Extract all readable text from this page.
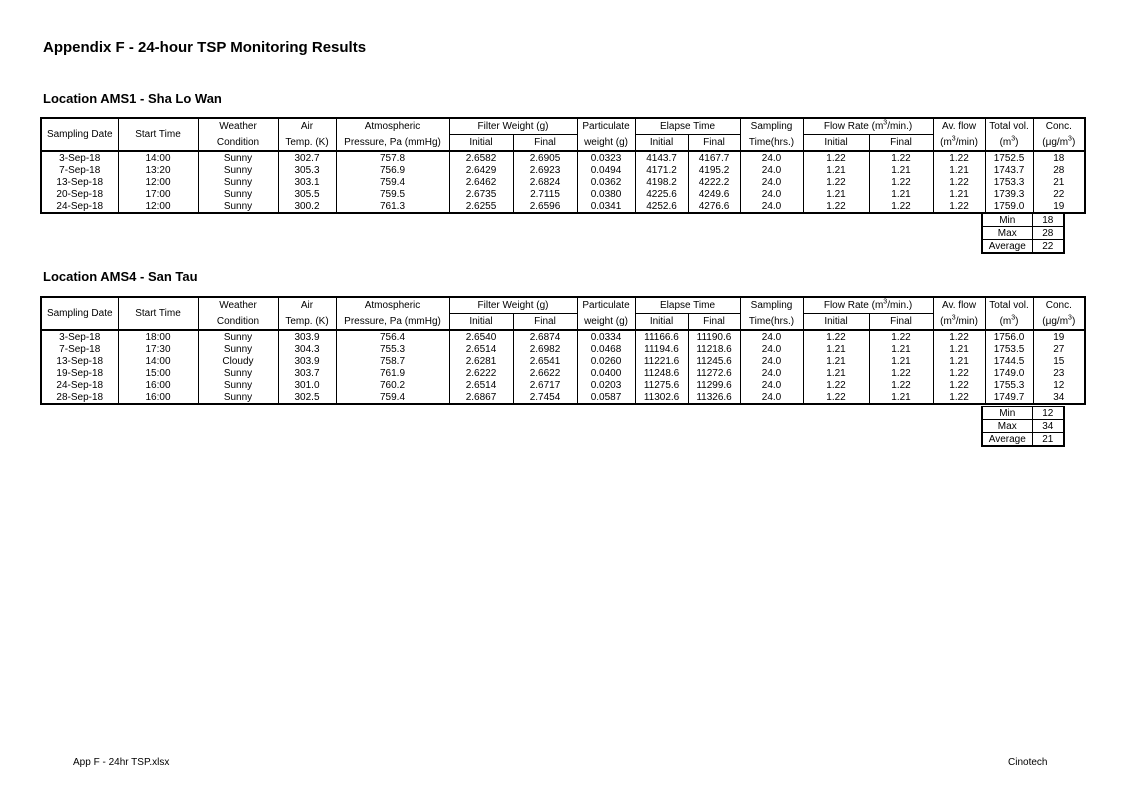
Appendix F - 24-hour TSP Monitoring Results
Location AMS1 - Sha Lo Wan
Sampling Date	Start Time	Weather	Air	Atmospheric	Filter Weight (g)		Particulate	Elapse Time		Sampling	Flow Rate $(m^3/\min.)$		Av. flow	Total vol.	Conc.
		Condition	Temp. (K)	Pressure, Pa (mmHg)	Initial	Final	weight (g)	Initial	Final	Time(hrs.)	Initial	Final	$(m^3/\min)$	$(m^3)$	$(\mu g/m^3)$
3-Sep-18	14:00	Sunny	302.7	757.8	2.6582	2.6905	0.0323	4143.7	4167.7	24.0	1.22	1.22	1.22	1752.5	18
7-Sep-18	13:20	Sunny	305.3	756.9	2.6429	2.6923	0.0494	4171.2	4195.2	24.0	1.21	1.21	1.21	1743.7	28
13-Sep-18	12:00	Sunny	303.1	759.4	2.6462	2.6824	0.0362	4198.2	4222.2	24.0	1.22	1.22	1.22	1753.3	21
20-Sep-18	17:00	Sunny	305.5	759.5	2.6735	2.7115	0.0380	4225.6	4249.6	24.0	1.21	1.21	1.21	1739.3	22
24-Sep-18	12:00	Sunny	300.2	761.3	2.6255	2.6596	0.0341	4252.6	4276.6	24.0	1.22	1.22	1.22	1759.0	19
Min	18
Max	28
Average	22
Location AMS4 - San Tau
Sampling Date	Start Time	Weather	Air	Atmospheric	Filter Weight (g)		Particulate	Elapse Time		Sampling	Flow Rate $(m^3/\min.)$		Av. flow	Total vol.	Conc.
		Condition	Temp. (K)	Pressure, Pa (mmHg)	Initial	Final	weight (g)	Initial	Final	Time(hrs.)	Initial	Final	$(m^3/\min)$	$(m^3)$	$(\mu g/m^3)$
3-Sep-18	18:00	Sunny	303.9	756.4	2.6540	2.6874	0.0334	11166.6	11190.6	24.0	1.22	1.22	1.22	1756.0	19
7-Sep-18	17:30	Sunny	304.3	755.3	2.6514	2.6982	0.0468	11194.6	11218.6	24.0	1.21	1.21	1.21	1753.5	27
13-Sep-18	14:00	Cloudy	303.9	758.7	2.6281	2.6541	0.0260	11221.6	11245.6	24.0	1.21	1.21	1.21	1744.5	15
19-Sep-18	15:00	Sunny	303.7	761.9	2.6222	2.6622	0.0400	11248.6	11272.6	24.0	1.21	1.22	1.22	1749.0	23
24-Sep-18	16:00	Sunny	301.0	760.2	2.6514	2.6717	0.0203	11275.6	11299.6	24.0	1.22	1.22	1.22	1755.3	12
28-Sep-18	16:00	Sunny	302.5	759.4	2.6867	2.7454	0.0587	11302.6	11326.6	24.0	1.22	1.21	1.22	1749.7	34
Min	12
Max	34
Average	21
App F - 24hr TSP.xlsx	Cinotech
